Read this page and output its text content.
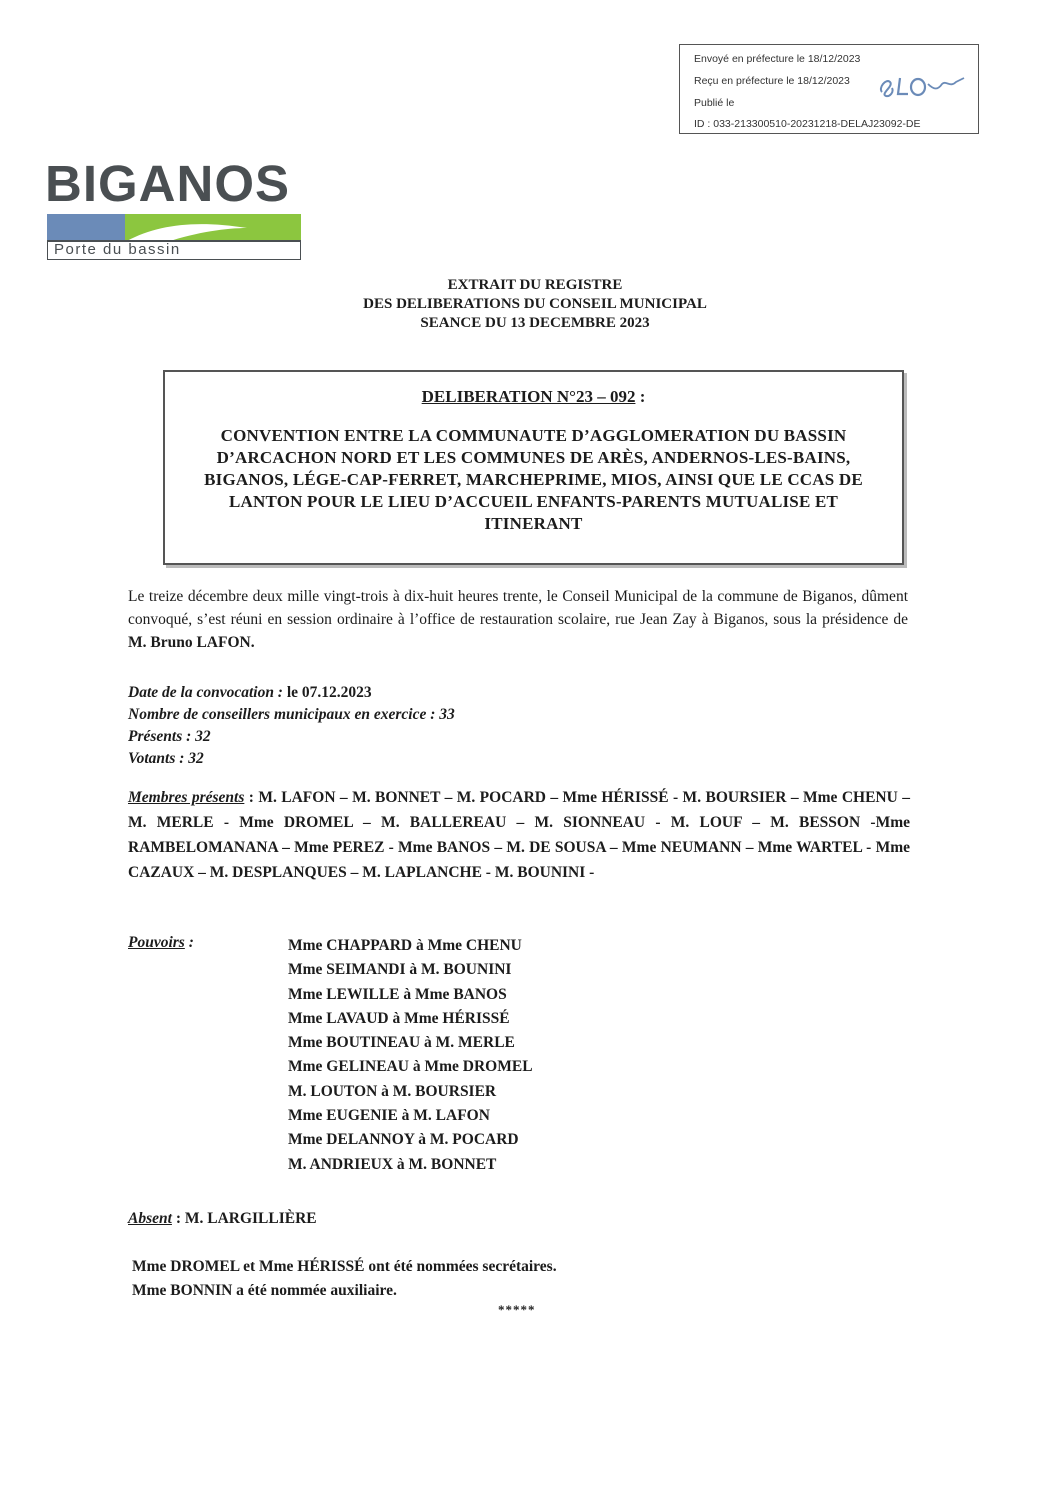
Envoyé en préfecture le 18/12/2023
Reçu en préfecture le 18/12/2023
Publié le
ID : 033-213300510-20231218-DELAJ23092-DE
BIGANOS
Porte du bassin
EXTRAIT DU REGISTRE
DES DELIBERATIONS DU CONSEIL MUNICIPAL
SEANCE DU 13 DECEMBRE 2023
DELIBERATION N°23 – 092 :
CONVENTION ENTRE LA COMMUNAUTE D’AGGLOMERATION DU BASSIN D’ARCACHON NORD ET LES COMMUNES DE ARÈS, ANDERNOS-LES-BAINS, BIGANOS, LÉGE-CAP-FERRET, MARCHEPRIME, MIOS, AINSI QUE LE CCAS DE LANTON POUR LE LIEU D’ACCUEIL ENFANTS-PARENTS MUTUALISE ET ITINERANT
Le treize décembre deux mille vingt-trois à dix-huit heures trente, le Conseil Municipal de la commune de Biganos, dûment convoqué, s’est réuni en session ordinaire à l’office de restauration scolaire, rue Jean Zay à Biganos, sous la présidence de M. Bruno LAFON.
Date de la convocation : le 07.12.2023
Nombre de conseillers municipaux en exercice : 33
Présents : 32
Votants : 32
Membres présents : M. LAFON – M. BONNET – M. POCARD – Mme HÉRISSÉ - M. BOURSIER – Mme CHENU – M. MERLE - Mme DROMEL – M. BALLEREAU – M. SIONNEAU - M. LOUF – M. BESSON -Mme RAMBELOMANANA – Mme PEREZ - Mme BANOS – M. DE SOUSA – Mme NEUMANN – Mme WARTEL - Mme CAZAUX – M. DESPLANQUES – M. LAPLANCHE - M. BOUNINI -
Pouvoirs :	Mme CHAPPARD à Mme CHENU
Mme SEIMANDI à M. BOUNINI
Mme LEWILLE à Mme BANOS
Mme LAVAUD à Mme HÉRISSÉ
Mme BOUTINEAU à M. MERLE
Mme GELINEAU à Mme DROMEL
M. LOUTON à M. BOURSIER
Mme EUGENIE à M. LAFON
Mme DELANNOY à M. POCARD
M. ANDRIEUX à M. BONNET
Absent : M. LARGILLIÈRE
Mme DROMEL et Mme HÉRISSÉ ont été nommées secrétaires.
Mme BONNIN a été nommée auxiliaire.
*****
